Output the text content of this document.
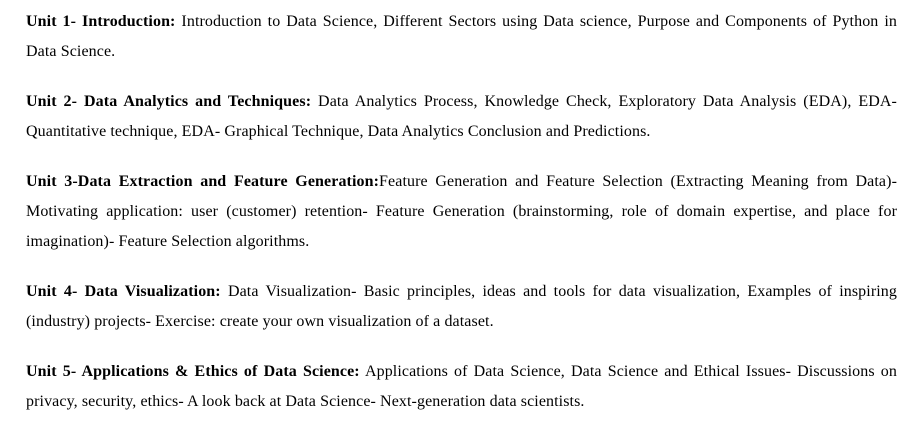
Unit 1- Introduction: Introduction to Data Science, Different Sectors using Data science, Purpose and Components of Python in Data Science.

Unit 2- Data Analytics and Techniques: Data Analytics Process, Knowledge Check, Exploratory Data Analysis (EDA), EDA- Quantitative technique, EDA- Graphical Technique, Data Analytics Conclusion and Predictions.

Unit 3-Data Extraction and Feature Generation:Feature Generation and Feature Selection (Extracting Meaning from Data)- Motivating application: user (customer) retention- Feature Generation (brainstorming, role of domain expertise, and place for imagination)- Feature Selection algorithms.

Unit 4- Data Visualization: Data Visualization- Basic principles, ideas and tools for data visualization, Examples of inspiring (industry) projects- Exercise: create your own visualization of a dataset.

Unit 5- Applications & Ethics of Data Science: Applications of Data Science, Data Science and Ethical Issues- Discussions on privacy, security, ethics- A look back at Data Science- Next-generation data scientists.
